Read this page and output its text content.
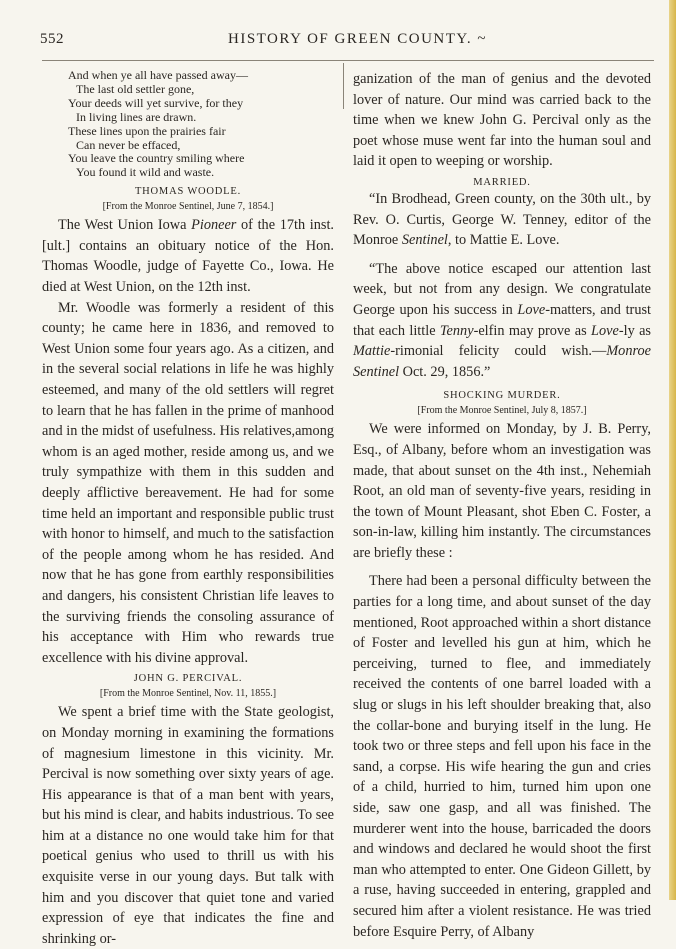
552	HISTORY OF GREEN COUNTY. ~
And when ye all have passed away—
The last old settler gone,
Your deeds will yet survive, for they
In living lines are drawn.
These lines upon the prairies fair
Can never be effaced,
You leave the country smiling where
You found it wild and waste.
THOMAS WOODLE.
[From the Monroe Sentinel, June 7, 1854.]

The West Union Iowa Pioneer of the 17th inst. [ult.] contains an obituary notice of the Hon. Thomas Woodle, judge of Fayette Co., Iowa. He died at West Union, on the 12th inst.

Mr. Woodle was formerly a resident of this county; he came here in 1836, and removed to West Union some four years ago. As a citizen, and in the several social relations in life he was highly esteemed, and many of the old settlers will regret to learn that he has fallen in the prime of manhood and in the midst of usefulness. His relatives,among whom is an aged mother, reside among us, and we truly sympathize with them in this sudden and deeply afflictive bereavement. He had for some time held an important and responsible public trust with honor to himself, and much to the satisfaction of the people among whom he has resided. And now that he has gone from earthly responsibilities and dangers, his consistent Christian life leaves to the surviving friends the consoling assurance of his acceptance with Him who rewards true excellence with his divine approval.

JOHN G. PERCIVAL.
[From the Monroe Sentinel, Nov. 11, 1855.]

We spent a brief time with the State geologist, on Monday morning in examining the formations of magnesium limestone in this vicinity. Mr. Percival is now something over sixty years of age. His appearance is that of a man bent with years, but his mind is clear, and habits industrious. To see him at a distance no one would take him for that poetical genius who used to thrill us with his exquisite verse in our young days. But talk with him and you discover that quiet tone and varied expression of eye that indicates the fine and shrinking or-

ganization of the man of genius and the devoted lover of nature. Our mind was carried back to the time when we knew John G. Percival only as the poet whose muse went far into the human soul and laid it open to weeping or worship.

MARRIED.

“In Brodhead, Green county, on the 30th ult., by Rev. O. Curtis, George W. Tenney, editor of the Monroe Sentinel, to Mattie E. Love.

“The above notice escaped our attention last week, but not from any design. We congratulate George upon his success in Love-matters, and trust that each little Tenny-elfin may prove as Love-ly as Mattie-rimonial felicity could wish.—Monroe Sentinel Oct. 29, 1856.”

SHOCKING MURDER.
[From the Monroe Sentinel, July 8, 1857.]

We were informed on Monday, by J. B. Perry, Esq., of Albany, before whom an investigation was made, that about sunset on the 4th inst., Nehemiah Root, an old man of seventy-five years, residing in the town of Mount Pleasant, shot Eben C. Foster, a son-in-law, killing him instantly. The circumstances are briefly these :

There had been a personal difficulty between the parties for a long time, and about sunset of the day mentioned, Root approached within a short distance of Foster and levelled his gun at him, which he perceiving, turned to flee, and immediately received the contents of one barrel loaded with a slug or slugs in his left shoulder breaking that, also the collar-bone and burying itself in the lung. He took two or three steps and fell upon his face in the sand, a corpse. His wife hearing the gun and cries of a child, hurried to him, turned him upon one side, saw one gasp, and all was finished. The murderer went into the house, barricaded the doors and windows and declared he would shoot the first man who attempted to enter. One Gideon Gillett, by a ruse, having succeeded in entering, grappled and secured him after a violent resistance. He was tried before Esquire Perry, of Albany
